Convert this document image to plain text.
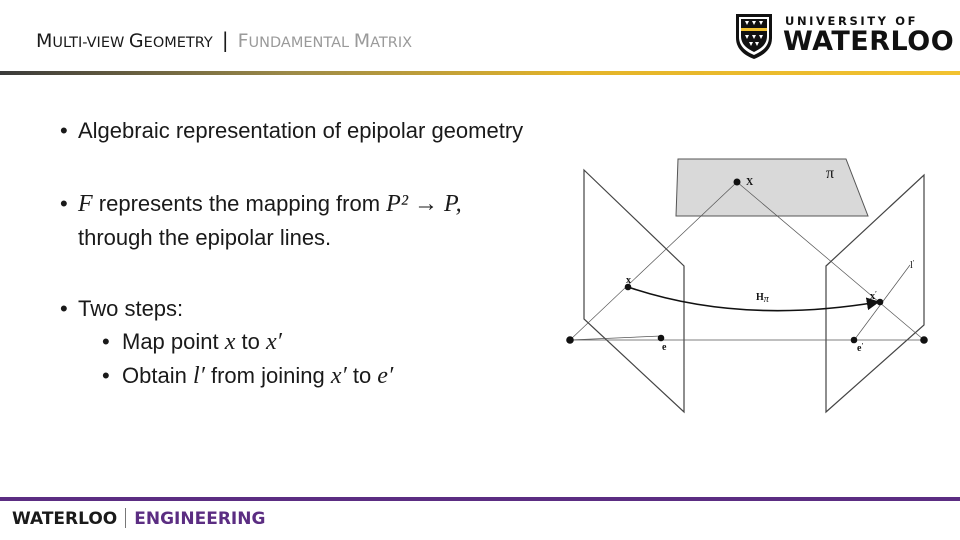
MULTI-VIEW GEOMETRY | FUNDAMENTAL MATRIX
UNIVERSITY OF
WATERLOO
• Algebraic representation of epipolar geometry
• F represents the mapping from P² → P,
through the epipolar lines.
• Two steps:
• Map point x to x′
• Obtain l′ from joining x′ to e′
X
e	e′
x′
Hπ
x
l′
π
WATERLOO ENGINEERING
